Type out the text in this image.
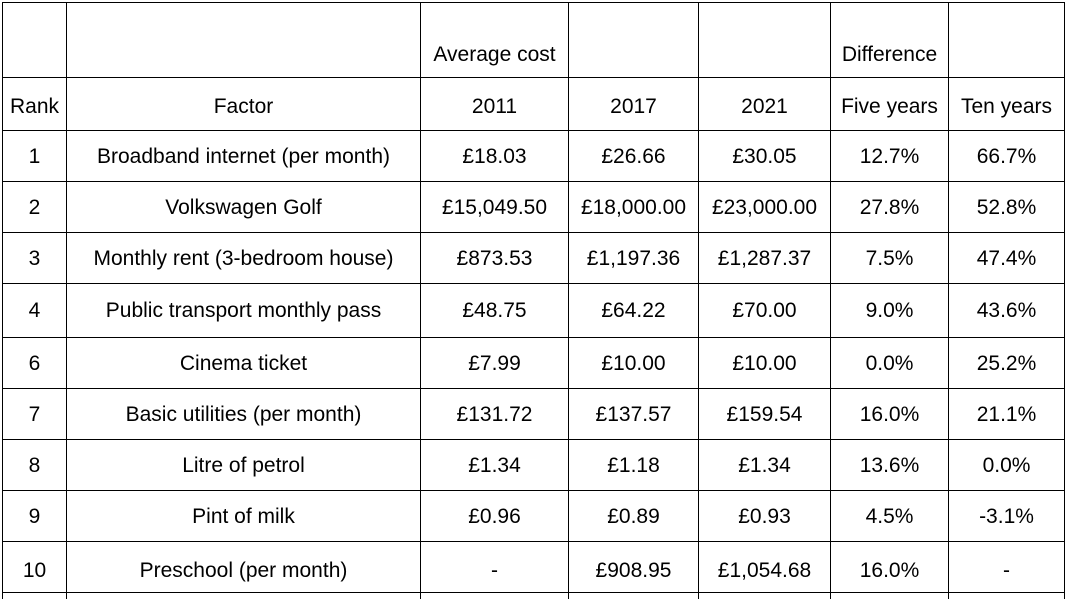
		Average cost			Difference	
Rank	Factor	2011	2017	2021	Five years	Ten years
1	Broadband internet (per month)	£18.03	£26.66	£30.05	12.7%	66.7%
2	Volkswagen Golf	£15,049.50	£18,000.00	£23,000.00	27.8%	52.8%
3	Monthly rent (3-bedroom house)	£873.53	£1,197.36	£1,287.37	7.5%	47.4%
4	Public transport monthly pass	£48.75	£64.22	£70.00	9.0%	43.6%
6	Cinema ticket	£7.99	£10.00	£10.00	0.0%	25.2%
7	Basic utilities (per month)	£131.72	£137.57	£159.54	16.0%	21.1%
8	Litre of petrol	£1.34	£1.18	£1.34	13.6%	0.0%
9	Pint of milk	£0.96	£0.89	£0.93	4.5%	-3.1%
10	Preschool (per month)	-	£908.95	£1,054.68	16.0%	-
